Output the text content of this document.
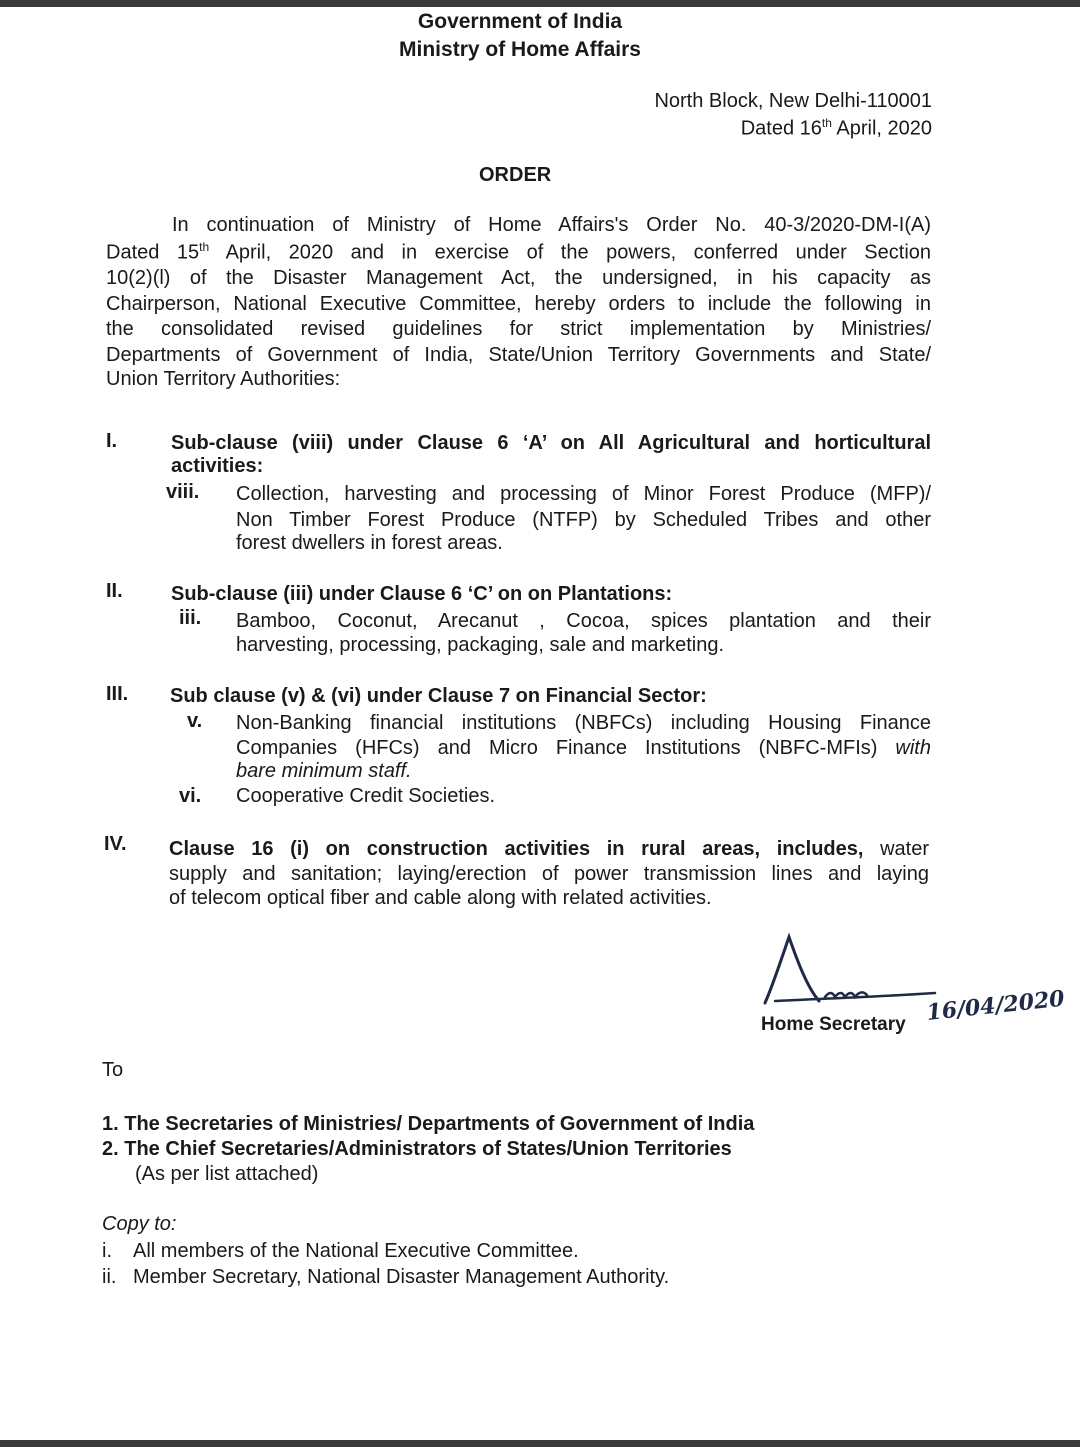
Government of India
Ministry of Home Affairs
North Block, New Delhi-110001
Dated 16th April, 2020
ORDER
In continuation of Ministry of Home Affairs's Order No. 40-3/2020-DM-I(A)
Dated 15th April, 2020 and in exercise of the powers, conferred under Section
10(2)(l) of the Disaster Management Act, the undersigned, in his capacity as
Chairperson, National Executive Committee, hereby orders to include the following in
the consolidated revised guidelines for strict implementation by Ministries/
Departments of Government of India, State/Union Territory Governments and State/
Union Territory Authorities:
I.	Sub-clause (viii) under Clause 6 ‘A’ on All Agricultural and horticultural
activities:
viii. Collection, harvesting and processing of Minor Forest Produce (MFP)/
Non Timber Forest Produce (NTFP) by Scheduled Tribes and other
forest dwellers in forest areas.
II. Sub-clause (iii) under Clause 6 ‘C’ on on Plantations:
iii. Bamboo, Coconut, Arecanut , Cocoa, spices plantation and their
harvesting, processing, packaging, sale and marketing.
III. Sub clause (v) & (vi) under Clause 7 on Financial Sector:
v. Non-Banking financial institutions (NBFCs) including Housing Finance
Companies (HFCs) and Micro Finance Institutions (NBFC-MFIs) with
bare minimum staff.
vi. Cooperative Credit Societies.
IV. Clause 16 (i) on construction activities in rural areas, includes, water
supply and sanitation; laying/erection of power transmission lines and laying
of telecom optical fiber and cable along with related activities.
Home Secretary 16/04/2020
To
1. The Secretaries of Ministries/ Departments of Government of India
2. The Chief Secretaries/Administrators of States/Union Territories
(As per list attached)
Copy to:
i. All members of the National Executive Committee.
ii. Member Secretary, National Disaster Management Authority.
